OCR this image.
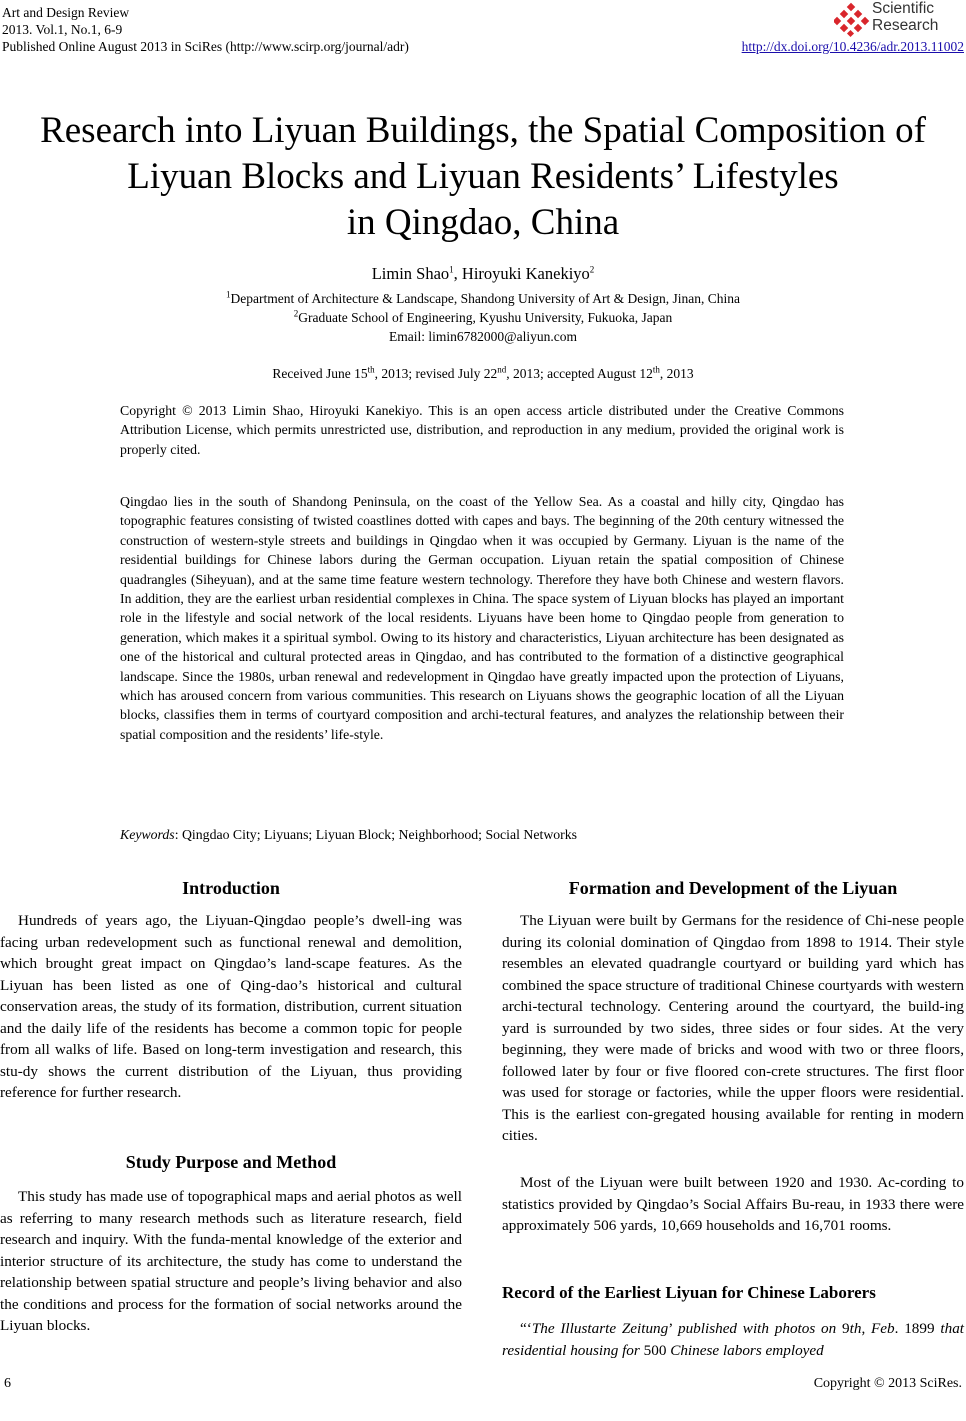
Art and Design Review
2013. Vol.1, No.1, 6-9
Published Online August 2013 in SciRes (http://www.scirp.org/journal/adr)	http://dx.doi.org/10.4236/adr.2013.11002
Scientific
Research
Research into Liyuan Buildings, the Spatial Composition of
Liyuan Blocks and Liyuan Residents’ Lifestyles
in Qingdao, China
Limin Shao$^1$, Hiroyuki Kanekiyo$^2$
$^1$Department of Architecture & Landscape, Shandong University of Art & Design, Jinan, China
$^2$Graduate School of Engineering, Kyushu University, Fukuoka, Japan
Email: limin6782000@aliyun.com
Received June 15th, 2013; revised July 22nd, 2013; accepted August 12th, 2013
Copyright © 2013 Limin Shao, Hiroyuki Kanekiyo. This is an open access article distributed under the Creative Commons Attribution License, which permits unrestricted use, distribution, and reproduction in any medium, provided the original work is properly cited.
Qingdao lies in the south of Shandong Peninsula, on the coast of the Yellow Sea. As a coastal and hilly city, Qingdao has topographic features consisting of twisted coastlines dotted with capes and bays. The beginning of the 20th century witnessed the construction of western-style streets and buildings in Qingdao when it was occupied by Germany. Liyuan is the name of the residential buildings for Chinese labors during the German occupation. Liyuan retain the spatial composition of Chinese quadrangles (Siheyuan), and at the same time feature western technology. Therefore they have both Chinese and western flavors. In addition, they are the earliest urban residential complexes in China. The space system of Liyuan blocks has played an important role in the lifestyle and social network of the local residents. Liyuans have been home to Qingdao people from generation to generation, which makes it a spiritual symbol. Owing to its history and characteristics, Liyuan architecture has been designated as one of the historical and cultural protected areas in Qingdao, and has contributed to the formation of a distinctive geographical landscape. Since the 1980s, urban renewal and redevelopment in Qingdao have greatly impacted upon the protection of Liyuans, which has aroused concern from various communities. This research on Liyuans shows the geographic location of all the Liyuan blocks, classifies them in terms of courtyard composition and archi-tectural features, and analyzes the relationship between their spatial composition and the residents’ life-style.
Keywords: Qingdao City; Liyuans; Liyuan Block; Neighborhood; Social Networks
Introduction

Hundreds of years ago, the Liyuan-Qingdao people’s dwell-ing was facing urban redevelopment such as functional renewal and demolition, which brought great impact on Qingdao’s land-scape features. As the Liyuan has been listed as one of Qing-dao’s historical and cultural conservation areas, the study of its formation, distribution, current situation and the daily life of the residents has become a common topic for people from all walks of life. Based on long-term investigation and research, this stu-dy shows the current distribution of the Liyuan, thus providing reference for further research.

Study Purpose and Method

This study has made use of topographical maps and aerial photos as well as referring to many research methods such as literature research, field research and inquiry. With the funda-mental knowledge of the exterior and interior structure of its architecture, the study has come to understand the relationship between spatial structure and people’s living behavior and also the conditions and process for the formation of social networks around the Liyuan blocks.

Formation and Development of the Liyuan

The Liyuan were built by Germans for the residence of Chi-nese people during its colonial domination of Qingdao from 1898 to 1914. Their style resembles an elevated quadrangle courtyard or building yard which has combined the space structure of traditional Chinese courtyards with western archi-tectural technology. Centering around the courtyard, the build-ing yard is surrounded by two sides, three sides or four sides. At the very beginning, they were made of bricks and wood with two or three floors, followed later by four or five floored con-crete structures. The first floor was used for storage or factories, while the upper floors were residential. This is the earliest con-gregated housing available for renting in modern cities.

Most of the Liyuan were built between 1920 and 1930. Ac-cording to statistics provided by Qingdao’s Social Affairs Bu-reau, in 1933 there were approximately 506 yards, 10,669 households and 16,701 rooms.

Record of the Earliest Liyuan for Chinese Laborers

“‘The Illustarte Zeitung’ published with photos on 9th, Feb. 1899 that residential housing for 500 Chinese labors employed

6	Copyright © 2013 SciRes.
